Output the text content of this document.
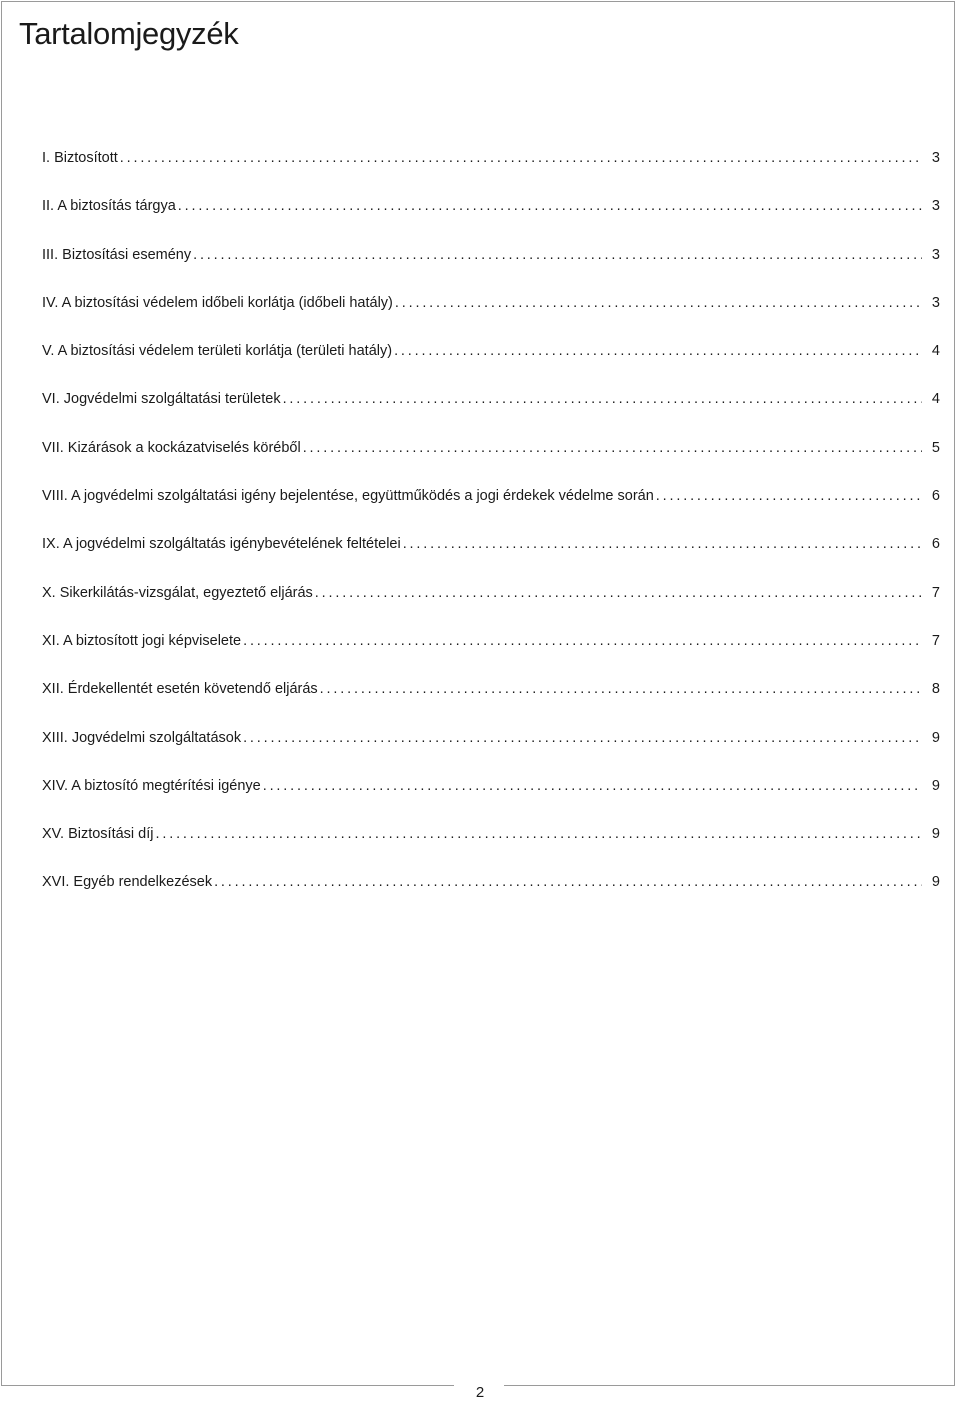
Tartalomjegyzék
I. Biztosított . . .	3
II. A biztosítás tárgya . . .	3
III. Biztosítási esemény . . .	3
IV. A biztosítási védelem időbeli korlátja (időbeli hatály) . . .	3
V. A biztosítási védelem területi korlátja (területi hatály) . . .	4
VI. Jogvédelmi szolgáltatási területek . . .	4
VII. Kizárások a kockázatviselés köréből . . .	5
VIII. A jogvédelmi szolgáltatási igény bejelentése, együttműködés a jogi érdekek védelme során . . .	6
IX. A jogvédelmi szolgáltatás igénybevételének feltételei . . .	6
X. Sikerkilátás-vizsgálat, egyeztető eljárás . . .	7
XI. A biztosított jogi képviselete . . .	7
XII. Érdekellentét esetén követendő eljárás . . .	8
XIII. Jogvédelmi szolgáltatások . . .	9
XIV. A biztosító megtérítési igénye . . .	9
XV. Biztosítási díj . . .	9
XVI. Egyéb rendelkezések . . .	9
2
